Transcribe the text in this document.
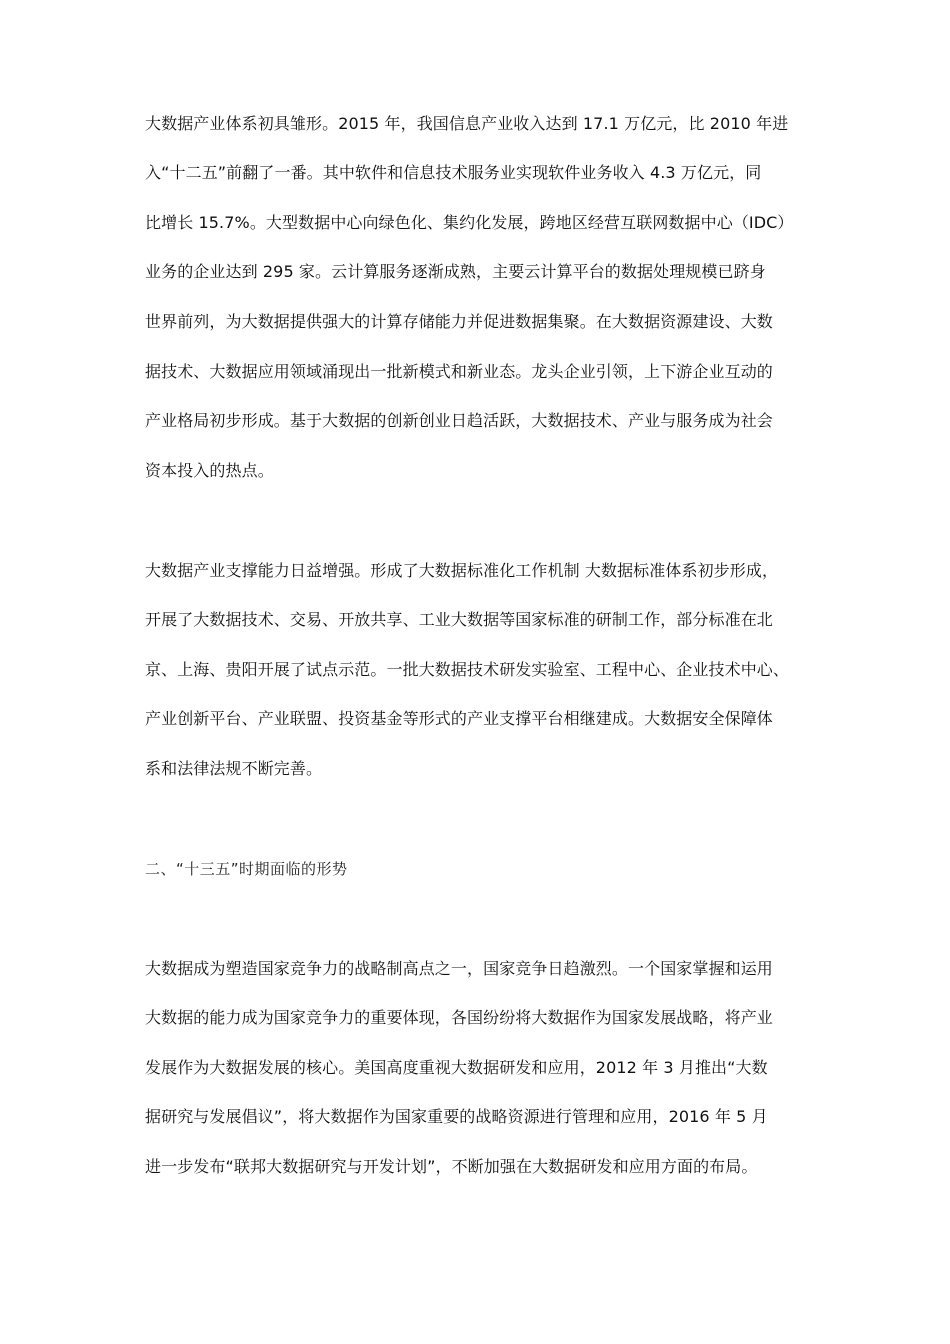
大数据产业体系初具雏形。2015 年，我国信息产业收入达到 17.1 万亿元，比 2010 年进
入“十二五”前翻了一番。其中软件和信息技术服务业实现软件业务收入 4.3 万亿元，同
比增长 15.7%。大型数据中心向绿色化、集约化发展，跨地区经营互联网数据中心（IDC）
业务的企业达到 295 家。云计算服务逐渐成熟，主要云计算平台的数据处理规模已跻身
世界前列，为大数据提供强大的计算存储能力并促进数据集聚。在大数据资源建设、大数
据技术、大数据应用领域涌现出一批新模式和新业态。龙头企业引领，上下游企业互动的
产业格局初步形成。基于大数据的创新创业日趋活跃，大数据技术、产业与服务成为社会
资本投入的热点。
大数据产业支撑能力日益增强。形成了大数据标准化工作机制 大数据标准体系初步形成，
开展了大数据技术、交易、开放共享、工业大数据等国家标准的研制工作，部分标准在北
京、上海、贵阳开展了试点示范。一批大数据技术研发实验室、工程中心、企业技术中心、
产业创新平台、产业联盟、投资基金等形式的产业支撑平台相继建成。大数据安全保障体
系和法律法规不断完善。
二、“十三五”时期面临的形势
大数据成为塑造国家竞争力的战略制高点之一，国家竞争日趋激烈。一个国家掌握和运用
大数据的能力成为国家竞争力的重要体现，各国纷纷将大数据作为国家发展战略，将产业
发展作为大数据发展的核心。美国高度重视大数据研发和应用，2012 年 3 月推出“大数
据研究与发展倡议”，将大数据作为国家重要的战略资源进行管理和应用，2016 年 5 月
进一步发布“联邦大数据研究与开发计划”，不断加强在大数据研发和应用方面的布局。
